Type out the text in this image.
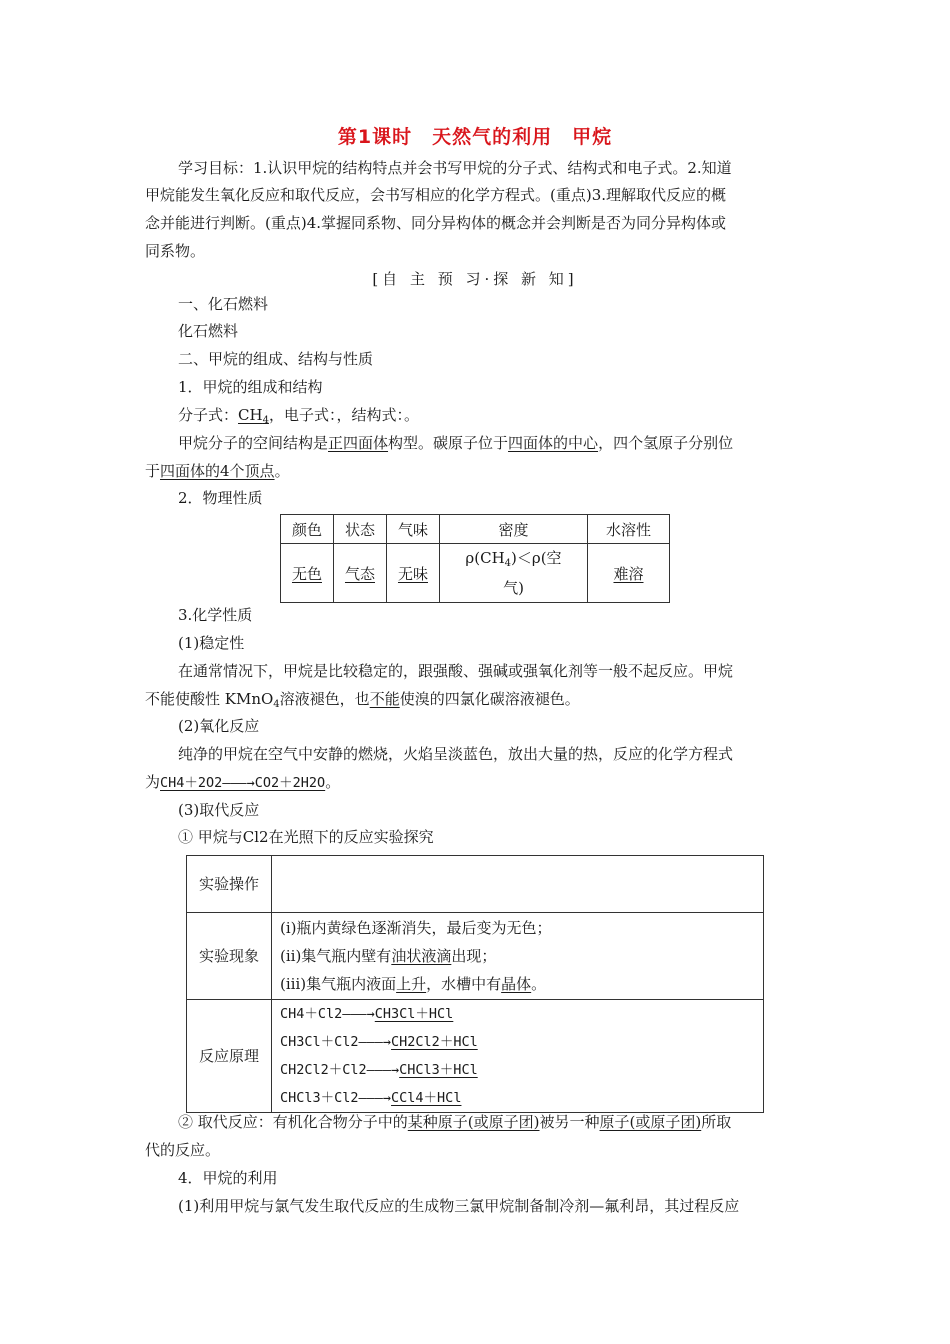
第1课时　天然气的利用　甲烷
学习目标：1.认识甲烷的结构特点并会书写甲烷的分子式、结构式和电子式。2.知道
甲烷能发生氧化反应和取代反应，会书写相应的化学方程式。(重点)3.理解取代反应的概
念并能进行判断。(重点)4.掌握同系物、同分异构体的概念并会判断是否为同分异构体或
同系物。
[自 主 预 习·探 新 知]
一、化石燃料
化石燃料
二、甲烷的组成、结构与性质
1．甲烷的组成和结构
分子式：$CH_4$，电子式：，结构式：。
甲烷分子的空间结构是正四面体构型。碳原子位于四面体的中心，四个氢原子分别位
于四面体的4个顶点。
2．物理性质
颜色	状态	气味	密度	水溶性
无色	气态	无味	$\rho(CH_4)<\rho$(空
气)	难溶
3.化学性质
(1)稳定性
在通常情况下，甲烷是比较稳定的，跟强酸、强碱或强氧化剂等一般不起反应。甲烷
不能使酸性 KMnO$_4$溶液褪色，也不能使溴的四氯化碳溶液褪色。
(2)氧化反应
纯净的甲烷在空气中安静的燃烧，火焰呈淡蓝色，放出大量的热，反应的化学方程式
为CH4＋2O2―――→CO2＋2H2O。
(3)取代反应
① 甲烷与Cl2在光照下的反应实验探究
实验操作	
实验现象	(ⅰ)瓶内黄绿色逐渐消失，最后变为无色；
(ⅱ)集气瓶内壁有油状液滴出现；
(ⅲ)集气瓶内液面上升，水槽中有晶体。

反应原理	CH4＋Cl2―――→CH3Cl＋HCl
CH3Cl＋Cl2―――→CH2Cl2＋HCl
CH2Cl2＋Cl2―――→CHCl3＋HCl
CHCl3＋Cl2―――→CCl4＋HCl
② 取代反应：有机化合物分子中的某种原子(或原子团)被另一种原子(或原子团)所取
代的反应。
4．甲烷的利用
(1)利用甲烷与氯气发生取代反应的生成物三氯甲烷制备制冷剂—氟利昂，其过程反应
